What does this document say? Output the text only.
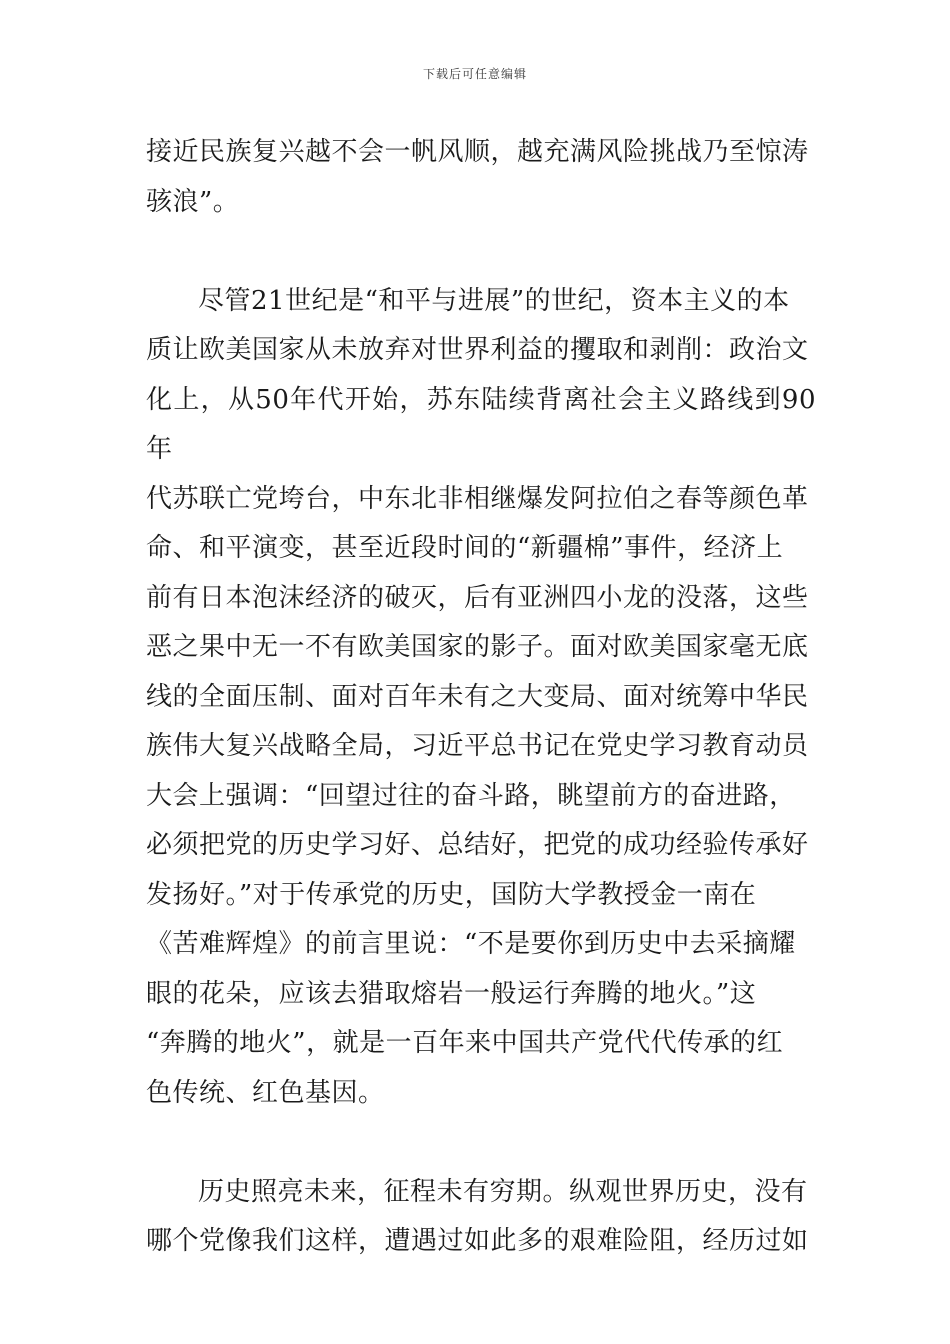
下载后可任意编辑

接近民族复兴越不会一帆风顺，越充满风险挑战乃至惊涛
骇浪”。

尽管21世纪是“和平与进展”的世纪，资本主义的本
质让欧美国家从未放弃对世界利益的攫取和剥削：政治文
化上，从50年代开始，苏东陆续背离社会主义路线到90年
代苏联亡党垮台，中东北非相继爆发阿拉伯之春等颜色革
命、和平演变，甚至近段时间的“新疆棉”事件，经济上
前有日本泡沫经济的破灭，后有亚洲四小龙的没落，这些
恶之果中无一不有欧美国家的影子。面对欧美国家毫无底
线的全面压制、面对百年未有之大变局、面对统筹中华民
族伟大复兴战略全局，习近平总书记在党史学习教育动员
大会上强调：“回望过往的奋斗路，眺望前方的奋进路，
必须把党的历史学习好、总结好，把党的成功经验传承好
发扬好。”对于传承党的历史，国防大学教授金一南在
《苦难辉煌》的前言里说：“不是要你到历史中去采摘耀
眼的花朵，应该去猎取熔岩一般运行奔腾的地火。”这
“奔腾的地火”，就是一百年来中国共产党代代传承的红
色传统、红色基因。

历史照亮未来，征程未有穷期。纵观世界历史，没有
哪个党像我们这样，遭遇过如此多的艰难险阻，经历过如
